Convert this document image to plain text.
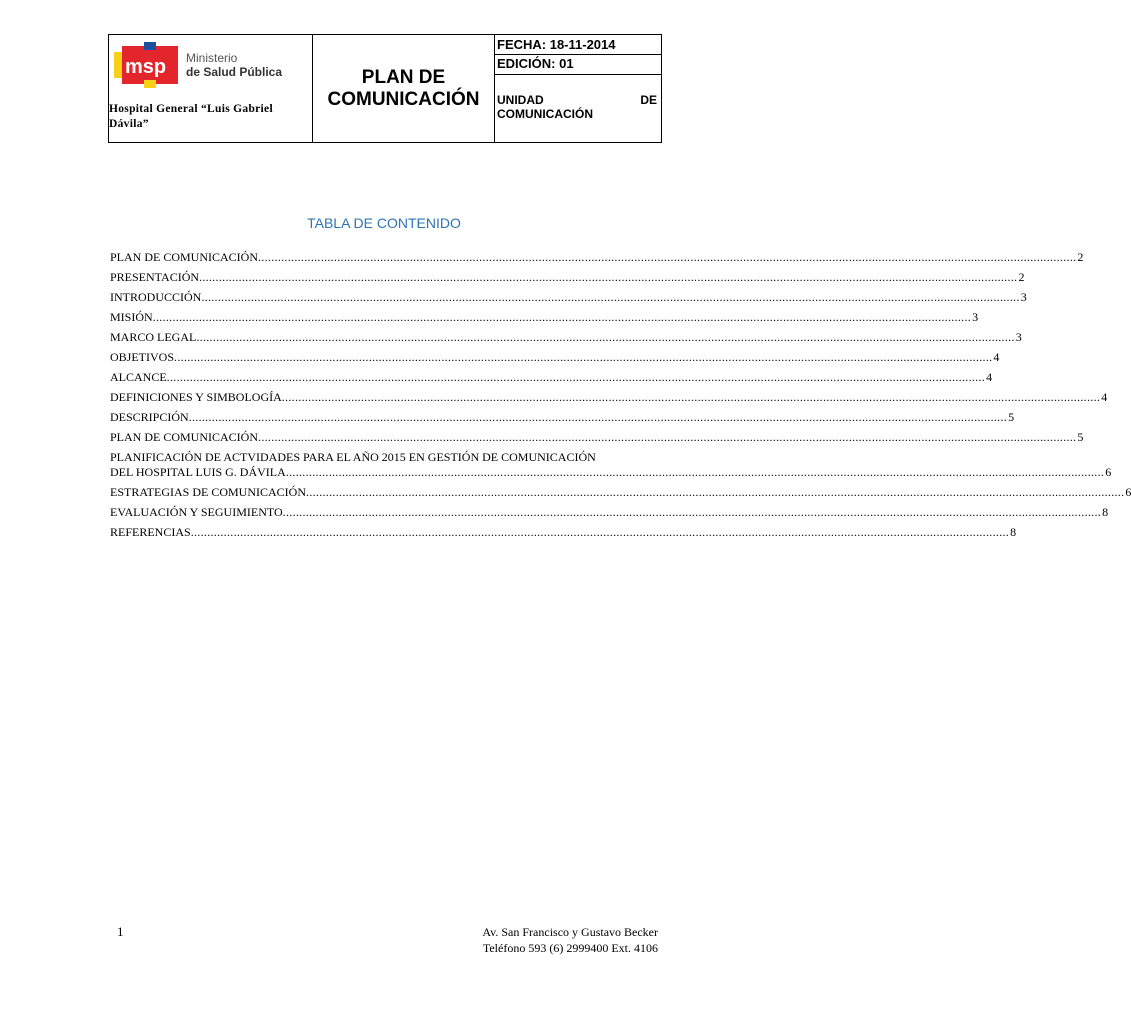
msp Ministerio
de Salud Pública
Hospital General “Luis Gabriel Dávila”
PLAN DE
COMUNICACIÓN
FECHA: 18-11-2014
EDICIÓN: 01
UNIDAD	DE
COMUNICACIÓN
TABLA DE CONTENIDO
PLAN DE COMUNICACIÓN .....	2
PRESENTACIÓN .....	2
INTRODUCCIÓN .....	3
MISIÓN .....	3
MARCO LEGAL .....	3
OBJETIVOS .....	4
ALCANCE .....	4
DEFINICIONES Y SIMBOLOGÍA .....	4
DESCRIPCIÓN .....	5
PLAN DE COMUNICACIÓN .....	5
PLANIFICACIÓN DE ACTVIDADES PARA EL AÑO 2015 EN GESTIÓN DE COMUNICACIÓN
DEL HOSPITAL LUIS G. DÁVILA .....	6
ESTRATEGIAS DE COMUNICACIÓN .....	6
EVALUACIÓN Y SEGUIMIENTO .....	8
REFERENCIAS .....	8
1	Av. San Francisco y Gustavo Becker
Teléfono 593 (6) 2999400 Ext. 4106
